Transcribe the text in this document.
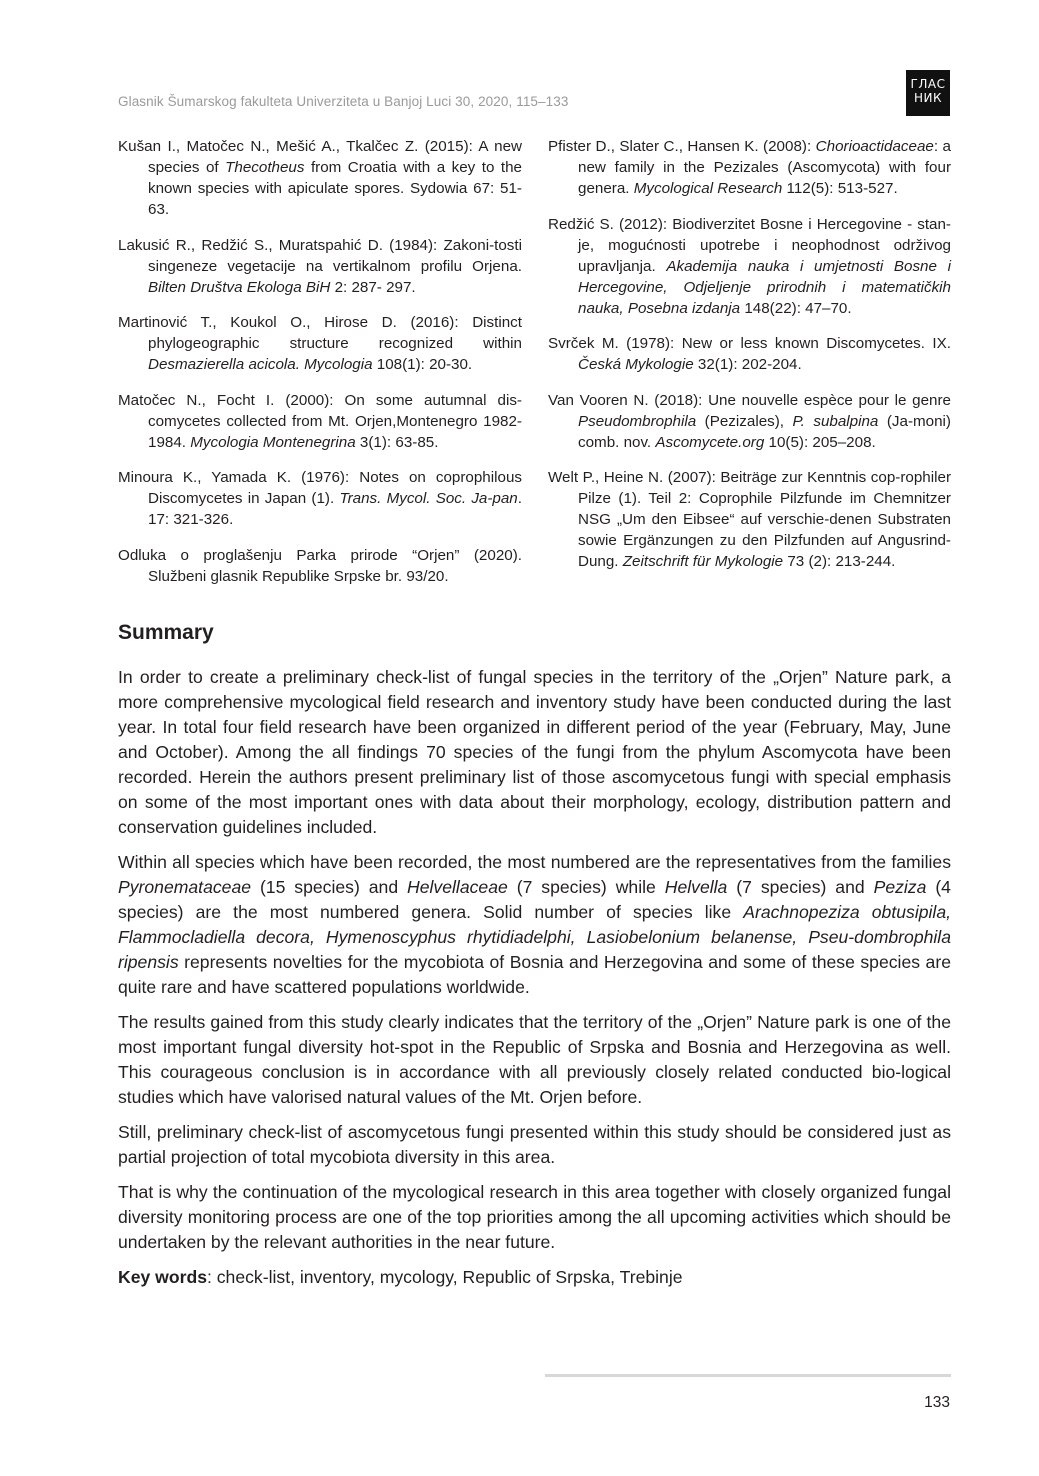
Glasnik Šumarskog fakulteta Univerziteta u Banjoj Luci 30, 2020, 115–133
ГЛАС
НИК

Kušan I., Matočec N., Mešić A., Tkalčec Z. (2015): A new species of Thecotheus from Croatia with a key to the known species with apiculate spores. Sydowia 67: 51-63.

Lakusić R., Redžić S., Muratspahić D. (1984): Zakoni-tosti singeneze vegetacije na vertikalnom profilu Orjena. Bilten Društva Ekologa BiH 2: 287- 297.

Martinović T., Koukol O., Hirose D. (2016): Distinct phylogeographic structure recognized within Desmazierella acicola. Mycologia 108(1): 20-30.

Matočec N., Focht I. (2000): On some autumnal dis-comycetes collected from Mt. Orjen,Montenegro 1982-1984. Mycologia Montenegrina 3(1): 63-85.

Minoura K., Yamada K. (1976): Notes on coprophilous Discomycetes in Japan (1). Trans. Mycol. Soc. Ja-pan. 17: 321-326.

Odluka o proglašenju Parka prirode “Orjen” (2020). Službeni glasnik Republike Srpske br. 93/20.

Pfister D., Slater C., Hansen K. (2008): Chorioactidaceae: a new family in the Pezizales (Ascomycota) with four genera. Mycological Research 112(5): 513-527.

Redžić S. (2012): Biodiverzitet Bosne i Hercegovine - stan-je, mogućnosti upotrebe i neophodnost održivog upravljanja. Akademija nauka i umjetnosti Bosne i Hercegovine, Odjeljenje prirodnih i matematičkih nauka, Posebna izdanja 148(22): 47–70.

Svrček M. (1978): New or less known Discomycetes. IX. Česká Mykologie 32(1): 202-204.

Van Vooren N. (2018): Une nouvelle espèce pour le genre Pseudombrophila (Pezizales), P. subalpina (Ja-moni) comb. nov. Ascomycete.org 10(5): 205–208.

Welt P., Heine N. (2007): Beiträge zur Kenntnis cop-rophiler Pilze (1). Teil 2: Coprophile Pilzfunde im Chemnitzer NSG „Um den Eibsee“ auf verschie-denen Substraten sowie Ergänzungen zu den Pilzfunden auf Angusrind-Dung. Zeitschrift für Mykologie 73 (2): 213-244.

Summary

In order to create a preliminary check-list of fungal species in the territory of the „Orjen” Nature park, a more comprehensive mycological field research and inventory study have been conducted during the last year. In total four field research have been organized in different period of the year (February, May, June and October). Among the all findings 70 species of the fungi from the phylum Ascomycota have been recorded. Herein the authors present preliminary list of those ascomycetous fungi with special emphasis on some of the most important ones with data about their morphology, ecology, distribution pattern and conservation guidelines included.

Within all species which have been recorded, the most numbered are the representatives from the families Pyronemataceae (15 species) and Helvellaceae (7 species) while Helvella (7 species) and Peziza (4 species) are the most numbered genera. Solid number of species like Arachnopeziza obtusipila, Flammocladiella decora, Hymenoscyphus rhytidiadelphi, Lasiobelonium belanense, Pseu-dombrophila ripensis represents novelties for the mycobiota of Bosnia and Herzegovina and some of these species are quite rare and have scattered populations worldwide.

The results gained from this study clearly indicates that the territory of the „Orjen” Nature park is one of the most important fungal diversity hot-spot in the Republic of Srpska and Bosnia and Herzegovina as well. This courageous conclusion is in accordance with all previously closely related conducted bio-logical studies which have valorised natural values of the Mt. Orjen before.

Still, preliminary check-list of ascomycetous fungi presented within this study should be considered just as partial projection of total mycobiota diversity in this area.

That is why the continuation of the mycological research in this area together with closely organized fungal diversity monitoring process are one of the top priorities among the all upcoming activities which should be undertaken by the relevant authorities in the near future.

Key words: check-list, inventory, mycology, Republic of Srpska, Trebinje

133
